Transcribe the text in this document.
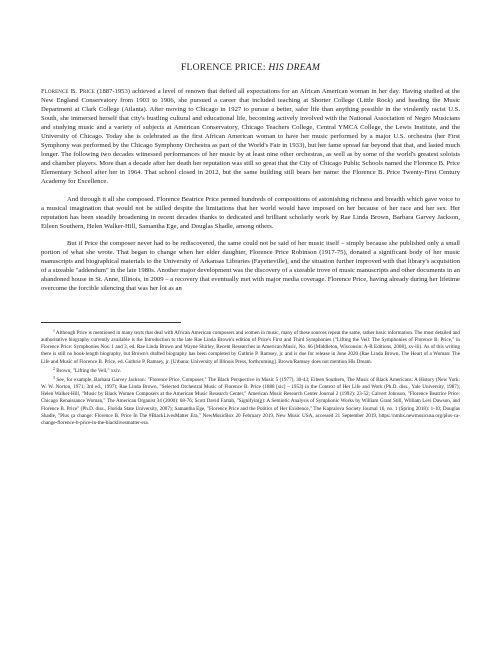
FLORENCE PRICE: HIS DREAM

Florence B. Price (1887-1953) achieved a level of renown that defied all expectations for an African American woman in her day. Having studied at the New England Conservatory from 1903 to 1906, she pursued a career that included teaching at Shorter College (Little Rock) and heading the Music Department at Clark College (Atlanta). After moving to Chicago in 1927 to pursue a better, safer life than anything possible in the virulently racist U.S. South, she immersed herself that city's bustling cultural and educational life, becoming actively involved with the National Association of Negro Musicians and studying music and a variety of subjects at American Conservatory, Chicago Teachers College, Central YMCA College, the Lewis Institute, and the University of Chicago. Today she is celebrated as the first African American woman to have her music performed by a major U.S. orchestra (her First Symphony was performed by the Chicago Symphony Orchestra as part of the World's Fair in 1933), but her fame spread far beyond that that, and lasted much longer. The following two decades witnessed performances of her music by at least nine other orchestras, as well as by some of the world's greatest soloists and chamber players. More than a decade after her death her reputation was still so great that the City of Chicago Public Schools named the Florence B. Price Elementary School after her in 1964. That school closed in 2012, but the same building still bears her name: the Florence B. Price Twenty-First Century Academy for Excellence.

And through it all she composed. Florence Beatrice Price penned hundreds of compositions of astonishing richness and breadth which gave voice to a musical imagination that would not be stilled despite the limitations that her world would have imposed on her because of her race and her sex. Her reputation has been steadily broadening in recent decades thanks to dedicated and brilliant scholarly work by Rae Linda Brown, Barbara Garvey Jackson, Eileen Southern, Helen Walker-Hill, Samantha Ege, and Douglas Shadle, among others.

But if Price the composer never had to be rediscovered, the same could not be said of her music itself – simply because she published only a small portion of what she wrote. That began to change when her elder daughter, Florence Price Robinson (1917-75), donated a significant body of her music manuscripts and biographical materials to the University of Arkansas Libraries (Fayetteville), and the situation further improved with that library's acquisition of a sizeable "addendum" in the late 1980s. Another major development was the discovery of a sizeable trove of music manuscripts and other documents in an abandoned house in St. Anne, Illinois, in 2009 – a recovery that eventually met with major media coverage. Florence Price, having already during her lifetime overcome the forcible silencing that was her lot as an

$^1$ Although Price is mentioned in many texts that deal with African American composers and women in music, many of these sources repeat the same, rather basic information. The most detailed and authoritative biography currently available is the Introduction to the late Rae Linda Brown's edition of Price's First and Third Symphonies ("Lifting the Veil: The Symphonies of Florence B. Price," in Florence Price: Symphonies Nos. 1 and 3, ed. Rae Linda Brown and Wayne Shirley, Recent Researches in American Music, No. 66 [Middleton, Wisconsin: A-R Editions, 2008], xv-lii). As of this writing there is still no book-length biography, but Brown's drafted biography has been completed by Guthrie P. Ramsey, jr. and is due for release in June 2020 (Rae Linda Brown, The Heart of a Woman: The Life and Music of Florence B. Price, ed. Guthrie P. Ramsey, jr. [Urbana: University of Illinois Press, forthcoming]. Brown/Ramsey does not mention His Dream.

$^2$ Brown, "Lifting the Veil," xxiv.

$^3$ See, for example, Barbara Garvey Jackson: "Florence Price, Composer," The Black Perspective in Music 5 (1977), 30-43; Eileen Southern, The Music of Black Americans: A History (New York: W. W. Norton, 1971; 3rd ed., 1997); Rae Linda Brown, "Selected Orchestral Music of Florence B. Price (1888 [sic] – 1953) in the Context of Her Life and Work (Ph.D. diss., Yale University, 1987); Helen Walker-Hill, "Music by Black Women Composers at the American Music Research Center," American Music Research Center Journal 2 (1992): 23-52; Calvert Johnson, "Florence Beatrice Price: Chicago Renaissance Woman," The American Organist 34 (2000): 68-76; Scott David Farrah, "Signifyin(g): A Semiotic Analysis of Symphonic Works by William Grant Still, William Levi Dawson, and Florence B. Price" (Ph.D. diss., Florida State University, 2007); Samantha Ege, "Florence Price and the Politics of Her Existence," The Kapralova Society Journal 16, no. 1 (Spring 2018): 1-10; Douglas Shadle, "Plus ça change: Florence B. Price In The #BlackLivesMatter Era," NewMusicBox 20 February 2019, New Music USA, accessed 21 September 2019, https://nmbx.newmusicusa.org/plus-ca-change-florence-b-price-in-the-blacklivesmatter-era.
